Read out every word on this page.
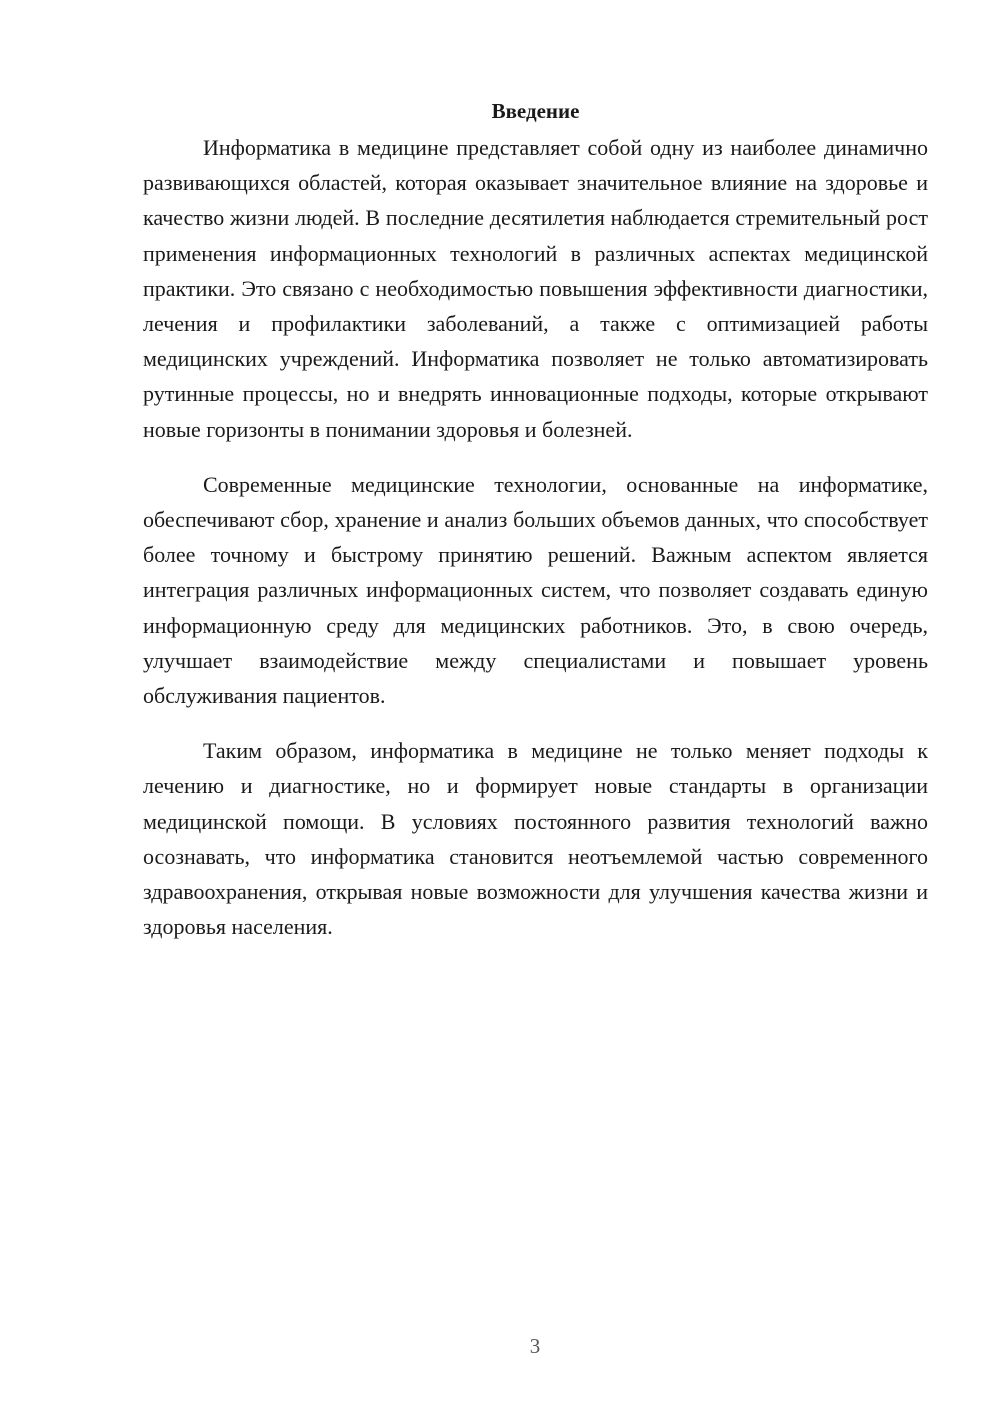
Введение

Информатика в медицине представляет собой одну из наиболее динамично развивающихся областей, которая оказывает значительное влияние на здоровье и качество жизни людей. В последние десятилетия наблюдается стремительный рост применения информационных технологий в различных аспектах медицинской практики. Это связано с необходимостью повышения эффективности диагностики, лечения и профилактики заболеваний, а также с оптимизацией работы медицинских учреждений. Информатика позволяет не только автоматизировать рутинные процессы, но и внедрять инновационные подходы, которые открывают новые горизонты в понимании здоровья и болезней.

Современные медицинские технологии, основанные на информатике, обеспечивают сбор, хранение и анализ больших объемов данных, что способствует более точному и быстрому принятию решений. Важным аспектом является интеграция различных информационных систем, что позволяет создавать единую информационную среду для медицинских работников. Это, в свою очередь, улучшает взаимодействие между специалистами и повышает уровень обслуживания пациентов.

Таким образом, информатика в медицине не только меняет подходы к лечению и диагностике, но и формирует новые стандарты в организации медицинской помощи. В условиях постоянного развития технологий важно осознавать, что информатика становится неотъемлемой частью современного здравоохранения, открывая новые возможности для улучшения качества жизни и здоровья населения.

3
